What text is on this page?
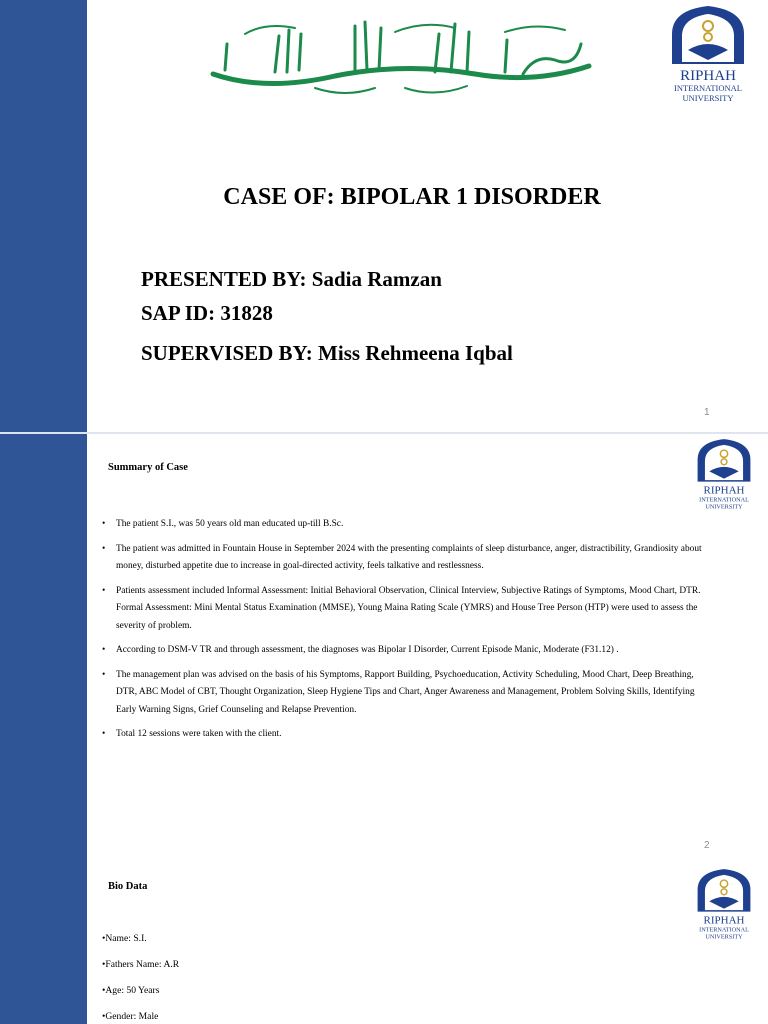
RIPHAH
INTERNATIONAL
UNIVERSITY
CASE OF: BIPOLAR 1 DISORDER
PRESENTED BY: Sadia Ramzan
SAP ID: 31828
SUPERVISED BY: Miss Rehmeena Iqbal
1
RIPHAH
INTERNATIONAL
UNIVERSITY
Summary of Case
• The patient S.I., was 50 years old man educated up-till B.Sc.
• The patient was admitted in Fountain House in September 2024 with the presenting complaints of sleep disturbance, anger, distractibility, Grandiosity about money, disturbed appetite due to increase in goal-directed activity, feels talkative and restlessness.
• Patients assessment included Informal Assessment: Initial Behavioral Observation, Clinical Interview, Subjective Ratings of Symptoms, Mood Chart, DTR. Formal Assessment: Mini Mental Status Examination (MMSE), Young Maina Rating Scale (YMRS) and House Tree Person (HTP) were used to assess the severity of problem.
• According to DSM-V TR and through assessment, the diagnoses was Bipolar I Disorder, Current Episode Manic, Moderate (F31.12) .
• The management plan was advised on the basis of his Symptoms, Rapport Building, Psychoeducation, Activity Scheduling, Mood Chart, Deep Breathing, DTR, ABC Model of CBT, Thought Organization, Sleep Hygiene Tips and Chart, Anger Awareness and Management, Problem Solving Skills, Identifying Early Warning Signs, Grief Counseling and Relapse Prevention.
• Total 12 sessions were taken with the client.
2
RIPHAH
INTERNATIONAL
UNIVERSITY
Bio Data
•Name: S.I.
•Fathers Name: A.R
•Age: 50 Years
•Gender: Male
